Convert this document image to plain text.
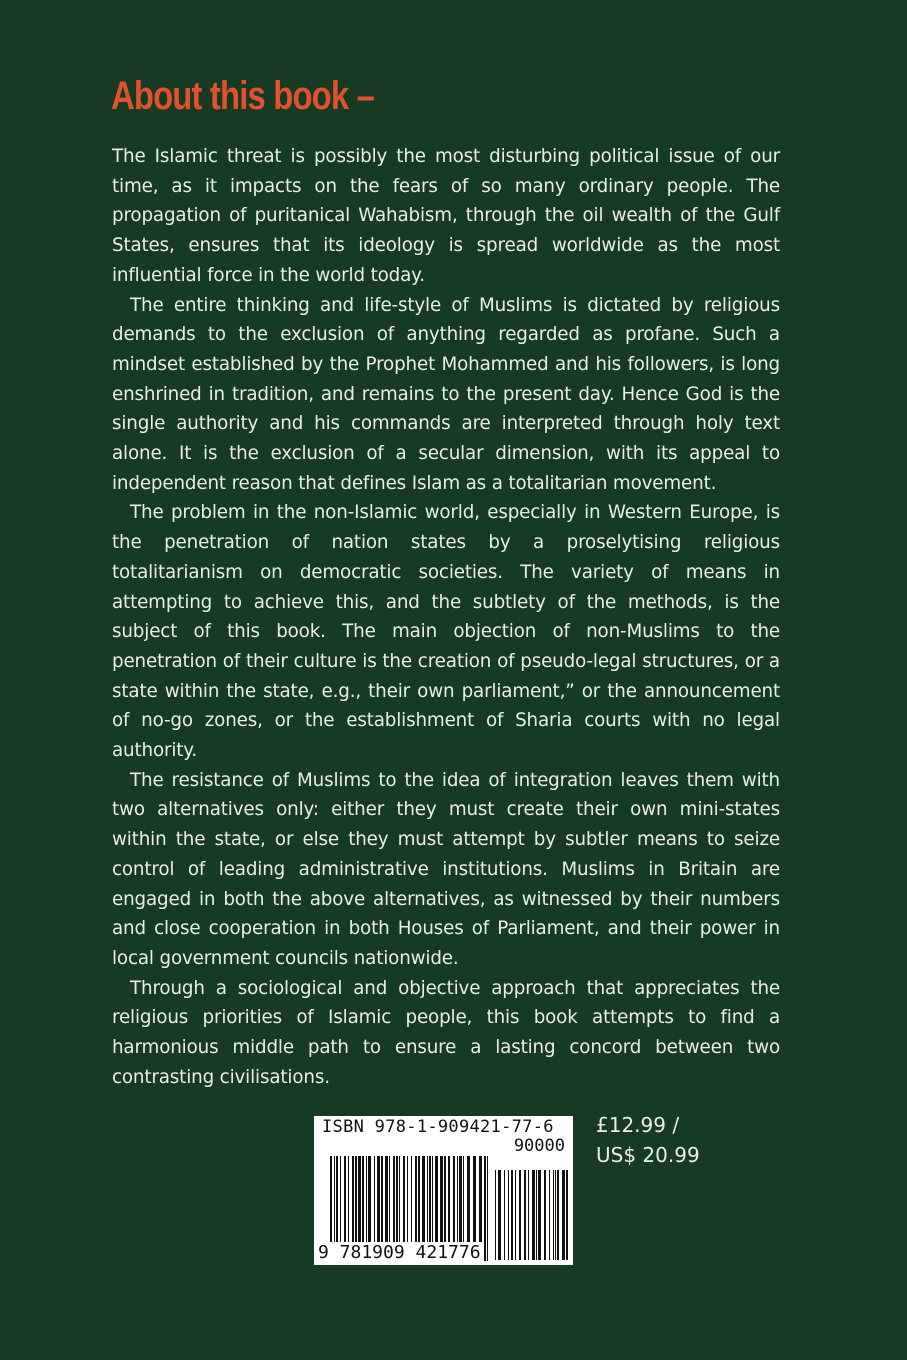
About this book –

The Islamic threat is possibly the most disturbing political issue of our time, as it impacts on the fears of so many ordinary people. The propagation of puritanical Wahabism, through the oil wealth of the Gulf States, ensures that its ideology is spread worldwide as the most influential force in the world today.

The entire thinking and life-style of Muslims is dictated by religious demands to the exclusion of anything regarded as profane. Such a mindset established by the Prophet Mohammed and his followers, is long enshrined in tradition, and remains to the present day. Hence God is the single authority and his commands are interpreted through holy text alone. It is the exclusion of a secular dimension, with its appeal to independent reason that defines Islam as a totalitarian movement.

The problem in the non-Islamic world, especially in Western Europe, is the penetration of nation states by a proselytising religious totalitarianism on democratic societies. The variety of means in attempting to achieve this, and the subtlety of the methods, is the subject of this book. The main objection of non-Muslims to the penetration of their culture is the creation of pseudo-legal structures, or a state within the state, e.g., their own parliament,” or the announcement of no-go zones, or the establishment of Sharia courts with no legal authority.

The resistance of Muslims to the idea of integration leaves them with two alternatives only: either they must create their own mini-states within the state, or else they must attempt by subtler means to seize control of leading administrative institutions. Muslims in Britain are engaged in both the above alternatives, as witnessed by their numbers and close cooperation in both Houses of Parliament, and their power in local government councils nationwide.

Through a sociological and objective approach that appreciates the religious priorities of Islamic people, this book attempts to find a harmonious middle path to ensure a lasting concord between two contrasting civilisations.

ISBN 978-1-909421-77-6
90000
9 781909 421776
£12.99 /
US$ 20.99
